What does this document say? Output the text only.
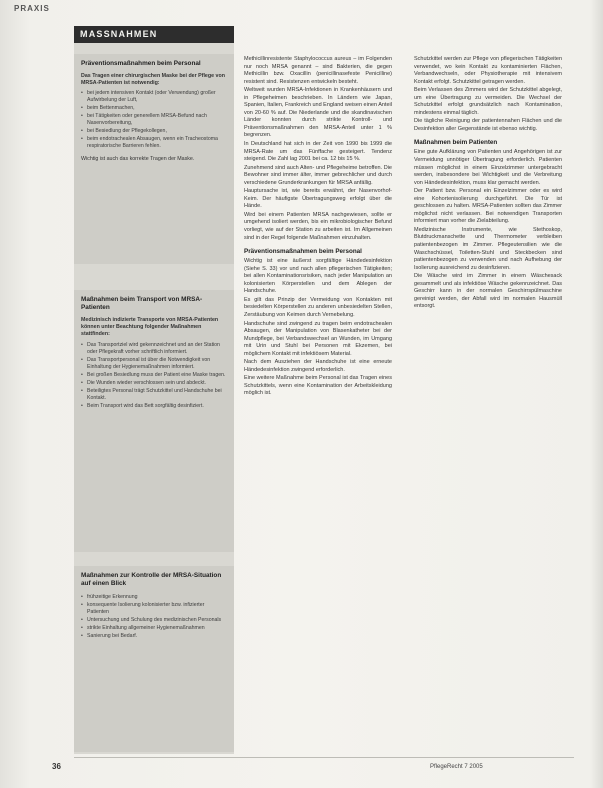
PRAXIS
MASSNAHMEN
Präventionsmaßnahmen beim Personal

Das Tragen einer chirurgischen Maske bei der Pflege von MRSA-Patienten ist notwendig:

• bei jedem intensiven Kontakt (oder Verwendung) großer Aufwirbelung der Luft,
• beim Bettenmachen,
• bei Tätigkeiten oder generellem MRSA-Befund nach Nasenvorbereitung,
• bei Besiedlung der Pflegekollegen,
• beim endotrachealen Absaugen, wenn ein Tracheostoma respiratorische Barrieren fehlen.

Wichtig ist auch das korrekte Tragen der Maske.

Maßnahmen beim Transport von MRSA-Patienten

Medizinisch indizierte Transporte von MRSA-Patienten können unter Beachtung folgender Maßnahmen stattfinden:

• Das Transportziel wird gekennzeichnet und an der Station oder Pflegekraft vorher schriftlich informiert.
• Das Transportpersonal ist über die Notwendigkeit von Einhaltung der Hygienemaßnahmen informiert.
• Bei großen Besiedlung muss der Patient eine Maske tragen.
• Die Wunden wieder verschlossen sein und abdeckt.
• Beteiligtes Personal trägt Schutzkittel und Handschuhe bei Kontakt.
• Beim Transport wird das Bett sorgfältig desinfiziert.
Maßnahmen zur Kontrolle der MRSA-Situation auf einen Blick
• frühzeitige Erkennung
• konsequente Isolierung kolonisierter bzw. infizierter Patienten
• Untersuchung und Schulung des medizinischen Personals
• strikte Einhaltung allgemeiner Hygienemaßnahmen
• Sanierung bei Bedarf.

Methicillinresistente Staphylococcus aureus – im Folgenden nur noch MRSA genannt – sind Bakterien, die gegen Methicillin bzw. Oxacillin (penicillinasefeste Penicilline) resistent sind. Resistenzen entwickeln besteht.

Weltweit wurden MRSA-Infektionen in Krankenhäusern und in Pflegeheimen beschrieben. In Ländern wie Japan, Spanien, Italien, Frankreich und England weisen einen Anteil von 20-60 % auf. Die Niederlande und die skandinavischen Länder konnten durch strikte Kontroll- und Präventionsmaßnahmen den MRSA-Anteil unter 1 % begrenzen.

In Deutschland hat sich in der Zeit von 1990 bis 1999 die MRSA-Rate um das Fünffache gesteigert. Tendenz steigend. Die Zahl lag 2001 bei ca. 12 bis 15 %.

Zunehmend sind auch Alten- und Pflegeheime betroffen. Die Bewohner sind immer älter, immer gebrechlicher und durch verschiedene Grunderkrankungen für MRSA anfällig.

Hauptursache ist, wie bereits erwähnt, der Nasenvorhof-Keim. Der häufigste Übertragungsweg erfolgt über die Hände.

Wird bei einem Patienten MRSA nachgewiesen, sollte er umgehend isoliert werden, bis ein mikrobiologischer Befund vorliegt, wie auf der Station zu arbeiten ist. Im Allgemeinen sind in der Regel folgende Maßnahmen einzuhalten.

Präventionsmaßnahmen beim Personal

Wichtig ist eine äußerst sorgfältige Händedesinfektion (Siehe S. 33) vor und nach allen pflegerischen Tätigkeiten; bei allen Kontaminationsrisiken, nach jeder Manipulation an kolonisierten Körperstellen und dem Ablegen der Handschuhe.

Es gilt das Prinzip der Vermeidung von Kontakten mit besiedelten Körperstellen zu anderen unbesiedelten Stellen, Zerstäubung von Keimen durch Vernebelung.

Handschuhe sind zwingend zu tragen beim endotrachealen Absaugen, der Manipulation von Blasenkatheter bei der Mundpflege, bei Verbandswechsel an Wunden, im Umgang mit Urin und Stuhl bei Personen mit Ekzemen, bei möglichem Kontakt mit infektiösem Material.

Nach dem Ausziehen der Handschuhe ist eine erneute Händedesinfektion zwingend erforderlich.

Eine weitere Maßnahme beim Personal ist das Tragen eines Schutzkittels, wenn eine Kontamination der Arbeitskleidung möglich ist.

Schutzkittel werden zur Pflege von pflegerischen Tätigkeiten verwendet, wo kein Kontakt zu kontaminierten Flächen, Verbandwechseln, oder Physiotherapie mit intensivem Kontakt erfolgt. Schutzkittel getragen werden.

Beim Verlassen des Zimmers wird der Schutzkittel abgelegt, um eine Übertragung zu vermeiden. Die Wechsel der Schutzkittel erfolgt grundsätzlich nach Kontamination, mindestens einmal täglich.

Die tägliche Reinigung der patientennahen Flächen und die Desinfektion aller Gegenstände ist ebenso wichtig.

Maßnahmen beim Patienten

Eine gute Aufklärung von Patienten und Angehörigen ist zur Vermeidung unnötiger Übertragung erforderlich. Patienten müssen möglichst in einem Einzelzimmer untergebracht werden, insbesondere bei Wichtigkeit und die Verbreitung von Händedesinfektion, muss klar gemacht werden.

Der Patient bzw. Personal ein Einzelzimmer oder es wird eine Kohortenisolierung durchgeführt. Die Tür ist geschlossen zu halten. MRSA-Patienten sollten das Zimmer möglichst nicht verlassen. Bei notwendigen Transporten informiert man vorher die Zielabteilung.

Medizinische Instrumente, wie Stethoskop, Blutdruckmanschette und Thermometer verbleiben patientenbezogen im Zimmer. Pflegeutensilien wie die Waschschüssel, Toiletten-Stuhl und Steckbecken sind patientenbezogen zu verwenden und nach Aufhebung der Isolierung ausreichend zu desinfizieren.

Die Wäsche wird im Zimmer in einem Wäschesack gesammelt und als infektiöse Wäsche gekennzeichnet. Das Geschirr kann in der normalen Geschirrspülmaschine gereinigt werden, der Abfall wird im normalen Hausmüll entsorgt.

36	PflegeRecht 7 2005
